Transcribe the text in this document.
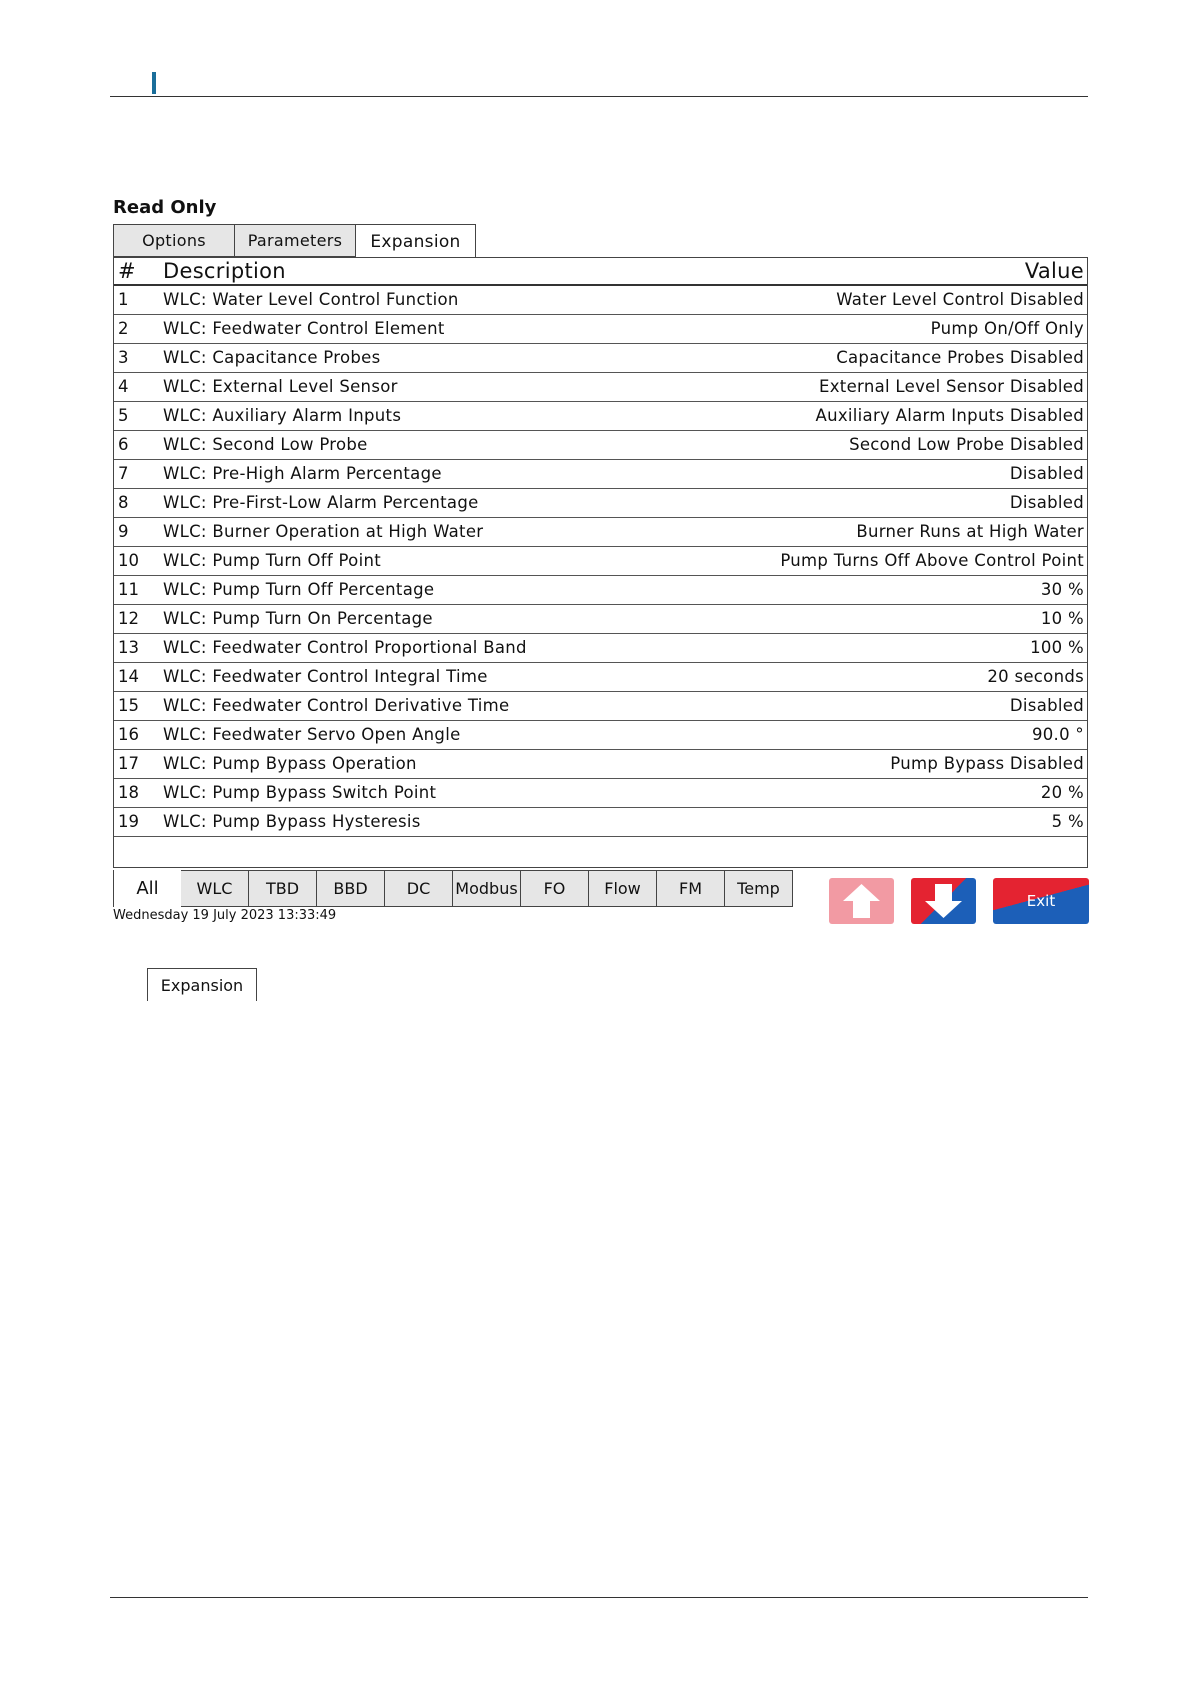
Read Only
Options	Parameters	Expansion
# Description	Value
1 WLC: Water Level Control Function	Water Level Control Disabled
2 WLC: Feedwater Control Element	Pump On/Off Only
3 WLC: Capacitance Probes	Capacitance Probes Disabled
4 WLC: External Level Sensor	External Level Sensor Disabled
5 WLC: Auxiliary Alarm Inputs	Auxiliary Alarm Inputs Disabled
6 WLC: Second Low Probe	Second Low Probe Disabled
7 WLC: Pre-High Alarm Percentage	Disabled
8 WLC: Pre-First-Low Alarm Percentage	Disabled
9 WLC: Burner Operation at High Water	Burner Runs at High Water
10 WLC: Pump Turn Off Point	Pump Turns Off Above Control Point
11 WLC: Pump Turn Off Percentage	30 %
12 WLC: Pump Turn On Percentage	10 %
13 WLC: Feedwater Control Proportional Band	100 %
14 WLC: Feedwater Control Integral Time	20 seconds
15 WLC: Feedwater Control Derivative Time	Disabled
16 WLC: Feedwater Servo Open Angle	90.0 °
17 WLC: Pump Bypass Operation	Pump Bypass Disabled
18 WLC: Pump Bypass Switch Point	20 %
19 WLC: Pump Bypass Hysteresis	5 %
All	WLC	TBD	BBD	DC	Modbus	FO	Flow	FM	Temp
Wednesday 19 July 2023 13:33:49
Exit
Expansion
